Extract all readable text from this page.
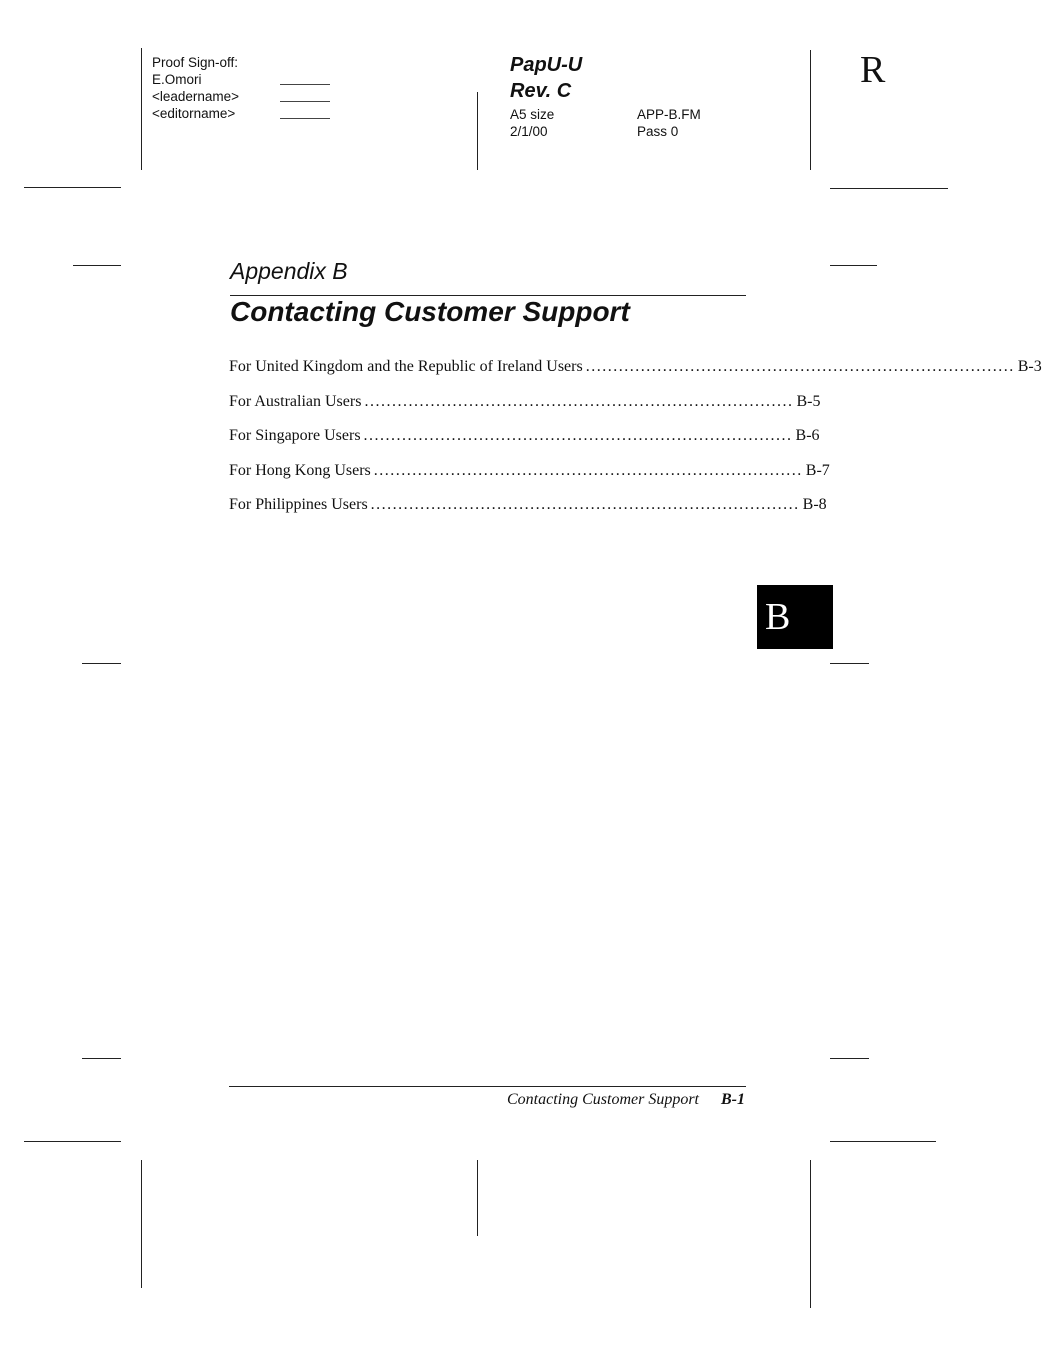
Proof Sign-off:
E.Omori
<leadername>
<editorname>
PapU-U
Rev. C
A5 size
2/1/00
APP-B.FM
Pass 0
R
Appendix B
Contacting Customer Support
For United Kingdom and the Republic of Ireland Users .............................................................................. B-3
For Australian Users .............................................................................. B-5
For Singapore Users .............................................................................. B-6
For Hong Kong Users .............................................................................. B-7
For Philippines Users .............................................................................. B-8
B
Contacting Customer Support B-1
